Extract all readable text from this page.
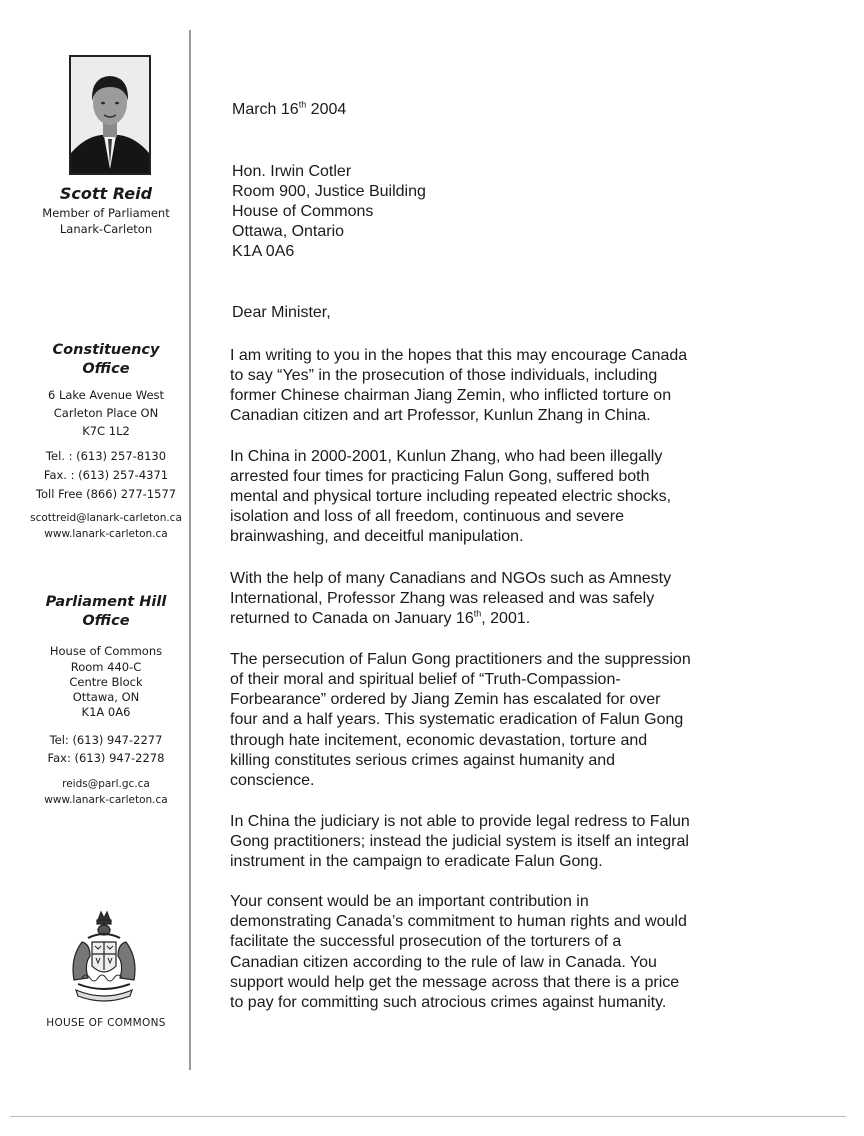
Scott Reid
Member of Parliament
Lanark-Carleton
Constituency
Office
6 Lake Avenue West
Carleton Place ON
K7C 1L2
Tel. : (613) 257-8130
Fax. : (613) 257-4371
Toll Free (866) 277-1577
scottreid@lanark-carleton.ca
www.lanark-carleton.ca
Parliament Hill
Office
House of Commons
Room 440-C
Centre Block
Ottawa, ON
K1A 0A6
Tel: (613) 947-2277
Fax: (613) 947-2278
reids@parl.gc.ca
www.lanark-carleton.ca
HOUSE OF COMMONS
March 16th 2004
Hon. Irwin Cotler
Room 900, Justice Building
House of Commons
Ottawa, Ontario
K1A 0A6
Dear Minister,
I am writing to you in the hopes that this may encourage Canada
to say “Yes” in the prosecution of those individuals, including
former Chinese chairman Jiang Zemin, who inflicted torture on
Canadian citizen and art Professor, Kunlun Zhang in China.
In China in 2000-2001, Kunlun Zhang, who had been illegally
arrested four times for practicing Falun Gong, suffered both
mental and physical torture including repeated electric shocks,
isolation and loss of all freedom, continuous and severe
brainwashing, and deceitful manipulation.
With the help of many Canadians and NGOs such as Amnesty
International, Professor Zhang was released and was safely
returned to Canada on January 16th, 2001.
The persecution of Falun Gong practitioners and the suppression
of their moral and spiritual belief of “Truth-Compassion-
Forbearance” ordered by Jiang Zemin has escalated for over
four and a half years. This systematic eradication of Falun Gong
through hate incitement, economic devastation, torture and
killing constitutes serious crimes against humanity and
conscience.
In China the judiciary is not able to provide legal redress to Falun
Gong practitioners; instead the judicial system is itself an integral
instrument in the campaign to eradicate Falun Gong.
Your consent would be an important contribution in
demonstrating Canada’s commitment to human rights and would
facilitate the successful prosecution of the torturers of a
Canadian citizen according to the rule of law in Canada. You
support would help get the message across that there is a price
to pay for committing such atrocious crimes against humanity.
